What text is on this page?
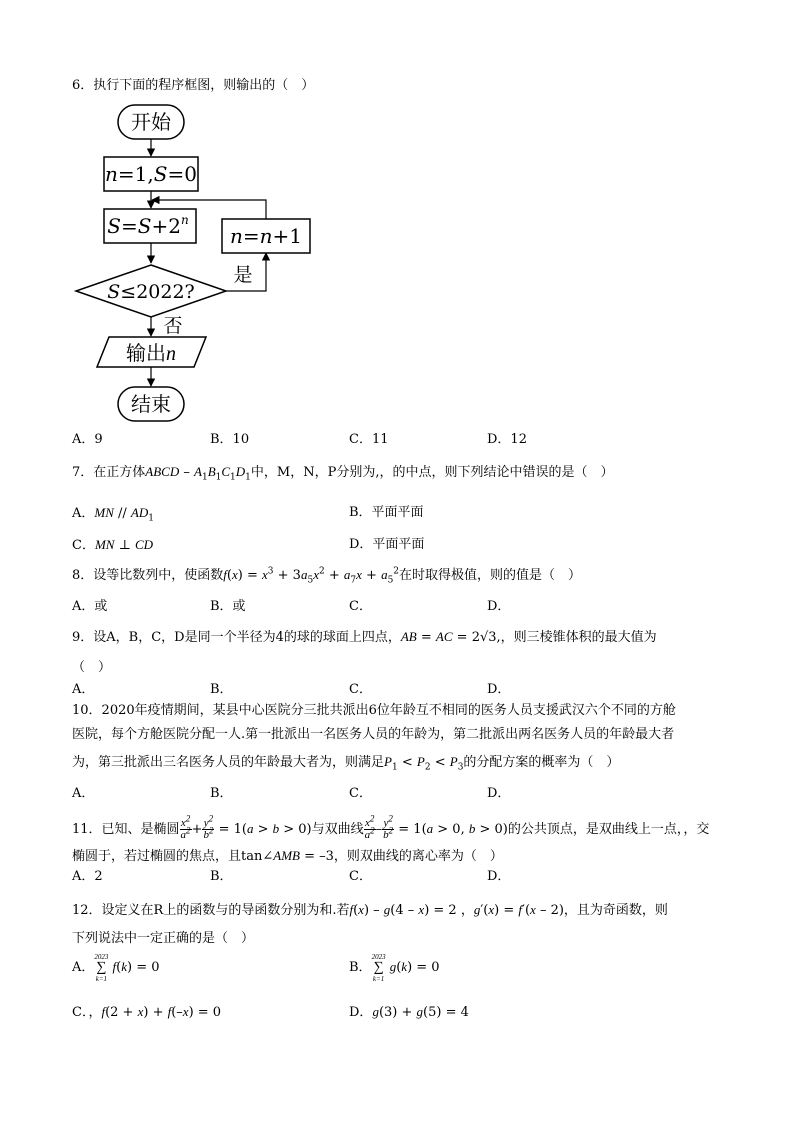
6．执行下面的程序框图，则输出的（　）
开始
n=1,S=0
$S=S+2^n$
S≤2022?
是
n=n+1
否
输出n
结束
A．9	B．10	C．11	D．12
7．在正方体ABCD – $A_1B_1C_1D_1$中，M，N，P分别为,，的中点，则下列结论中错误的是（　）
A．MN // $AD_1$	B．平面平面
C．MN ⊥ CD	D．平面平面
8．设等比数列中，使函数$f(x) = x^3 + 3a_5x^2 + a_7x + a_5^2$在时取得极值，则的值是（　）
A．或	B．或	C．	D．
9．设A，B，C，D是同一个半径为4的球的球面上四点，AB = AC = 2√3,，则三棱锥体积的最大值为
（　）
A．	B．	C．	D．
10．2020年疫情期间，某县中心医院分三批共派出6位年龄互不相同的医务人员支援武汉六个不同的方舱
医院，每个方舱医院分配一人.第一批派出一名医务人员的年龄为，第二批派出两名医务人员的年龄最大者
为，第三批派出三名医务人员的年龄最大者为，则满足$P_1 < P_2 < P_3$的分配方案的概率为（　）
A．	B．	C．	D．
11．已知、是椭圆 $\frac{x^2}{a^2} + \frac{y^2}{b^2} = 1(a > b > 0)$与双曲线 $\frac{x^2}{a^2} - \frac{y^2}{b^2} = 1(a > 0$, b > 0)的公共顶点，是双曲线上一点，，交
椭圆于，若过椭圆的焦点，且tan∠AMB = –3，则双曲线的离心率为（　）
A．2	B．	C．	D．
12．设定义在R上的函数与的导函数分别为和.若f(x) – g(4 – x) = 2 ，g′(x) = f′(x – 2)，且为奇函数，则
下列说法中一定正确的是（　）
A．
2023
∑
k=1
f(k) = 0	B．
2023
∑
k=1
g(k) = 0
C．，f(2 + x) + f(–x) = 0	D．g(3) + g(5) = 4
